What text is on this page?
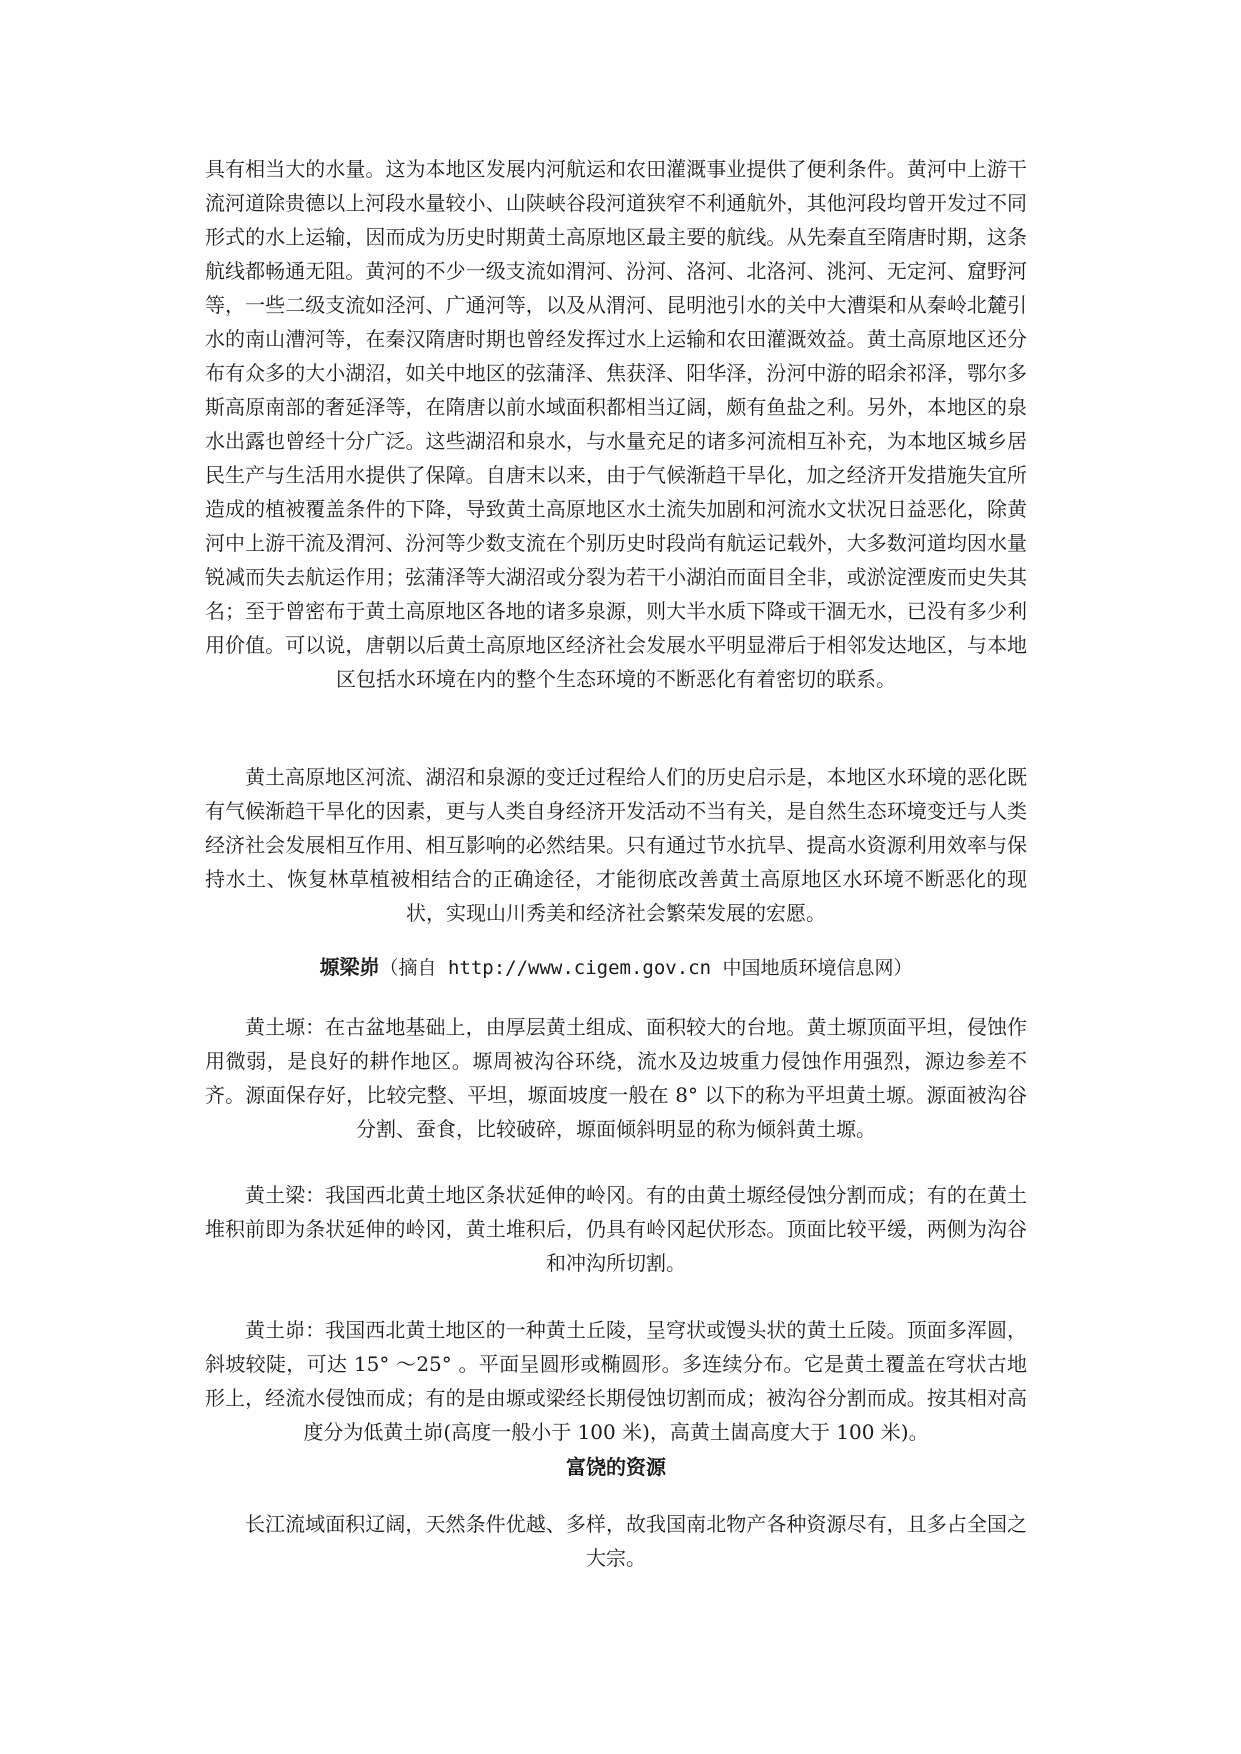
具有相当大的水量。这为本地区发展内河航运和农田灌溉事业提供了便利条件。黄河中上游干流河道除贵德以上河段水量较小、山陕峡谷段河道狭窄不利通航外，其他河段均曾开发过不同形式的水上运输，因而成为历史时期黄土高原地区最主要的航线。从先秦直至隋唐时期，这条航线都畅通无阻。黄河的不少一级支流如渭河、汾河、洛河、北洛河、洮河、无定河、窟野河等，一些二级支流如泾河、广通河等，以及从渭河、昆明池引水的关中大漕渠和从秦岭北麓引水的南山漕河等，在秦汉隋唐时期也曾经发挥过水上运输和农田灌溉效益。黄土高原地区还分布有众多的大小湖沼，如关中地区的弦蒲泽、焦获泽、阳华泽，汾河中游的昭余祁泽，鄂尔多斯高原南部的奢延泽等，在隋唐以前水域面积都相当辽阔，颇有鱼盐之利。另外，本地区的泉水出露也曾经十分广泛。这些湖沼和泉水，与水量充足的诸多河流相互补充，为本地区城乡居民生产与生活用水提供了保障。自唐末以来，由于气候渐趋干旱化，加之经济开发措施失宜所造成的植被覆盖条件的下降，导致黄土高原地区水土流失加剧和河流水文状况日益恶化，除黄河中上游干流及渭河、汾河等少数支流在个别历史时段尚有航运记载外，大多数河道均因水量锐减而失去航运作用；弦蒲泽等大湖沼或分裂为若干小湖泊而面目全非，或淤淀湮废而史失其名；至于曾密布于黄土高原地区各地的诸多泉源，则大半水质下降或干涸无水，已没有多少利用价值。可以说，唐朝以后黄土高原地区经济社会发展水平明显滞后于相邻发达地区，与本地区包括水环境在内的整个生态环境的不断恶化有着密切的联系。

黄土高原地区河流、湖沼和泉源的变迁过程给人们的历史启示是，本地区水环境的恶化既有气候渐趋干旱化的因素，更与人类自身经济开发活动不当有关，是自然生态环境变迁与人类经济社会发展相互作用、相互影响的必然结果。只有通过节水抗旱、提高水资源利用效率与保持水土、恢复林草植被相结合的正确途径，才能彻底改善黄土高原地区水环境不断恶化的现状，实现山川秀美和经济社会繁荣发展的宏愿。

塬梁峁（摘自 http://www.cigem.gov.cn 中国地质环境信息网）

黄土塬：在古盆地基础上，由厚层黄土组成、面积较大的台地。黄土塬顶面平坦，侵蚀作用微弱，是良好的耕作地区。塬周被沟谷环绕，流水及边坡重力侵蚀作用强烈，源边参差不齐。源面保存好，比较完整、平坦，塬面坡度一般在 8° 以下的称为平坦黄土塬。源面被沟谷分割、蚕食，比较破碎，塬面倾斜明显的称为倾斜黄土塬。

黄土梁：我国西北黄土地区条状延伸的岭冈。有的由黄土塬经侵蚀分割而成；有的在黄土堆积前即为条状延伸的岭冈，黄土堆积后，仍具有岭冈起伏形态。顶面比较平缓，两侧为沟谷和冲沟所切割。

黄土峁：我国西北黄土地区的一种黄土丘陵，呈穹状或馒头状的黄土丘陵。顶面多浑圆，斜坡较陡，可达 15° ～25° 。平面呈圆形或椭圆形。多连续分布。它是黄土覆盖在穹状古地形上，经流水侵蚀而成；有的是由塬或梁经长期侵蚀切割而成；被沟谷分割而成。按其相对高度分为低黄土峁(高度一般小于 100 米)，高黄土崮高度大于 100 米)。

富饶的资源

长江流域面积辽阔，天然条件优越、多样，故我国南北物产各种资源尽有，且多占全国之大宗。
